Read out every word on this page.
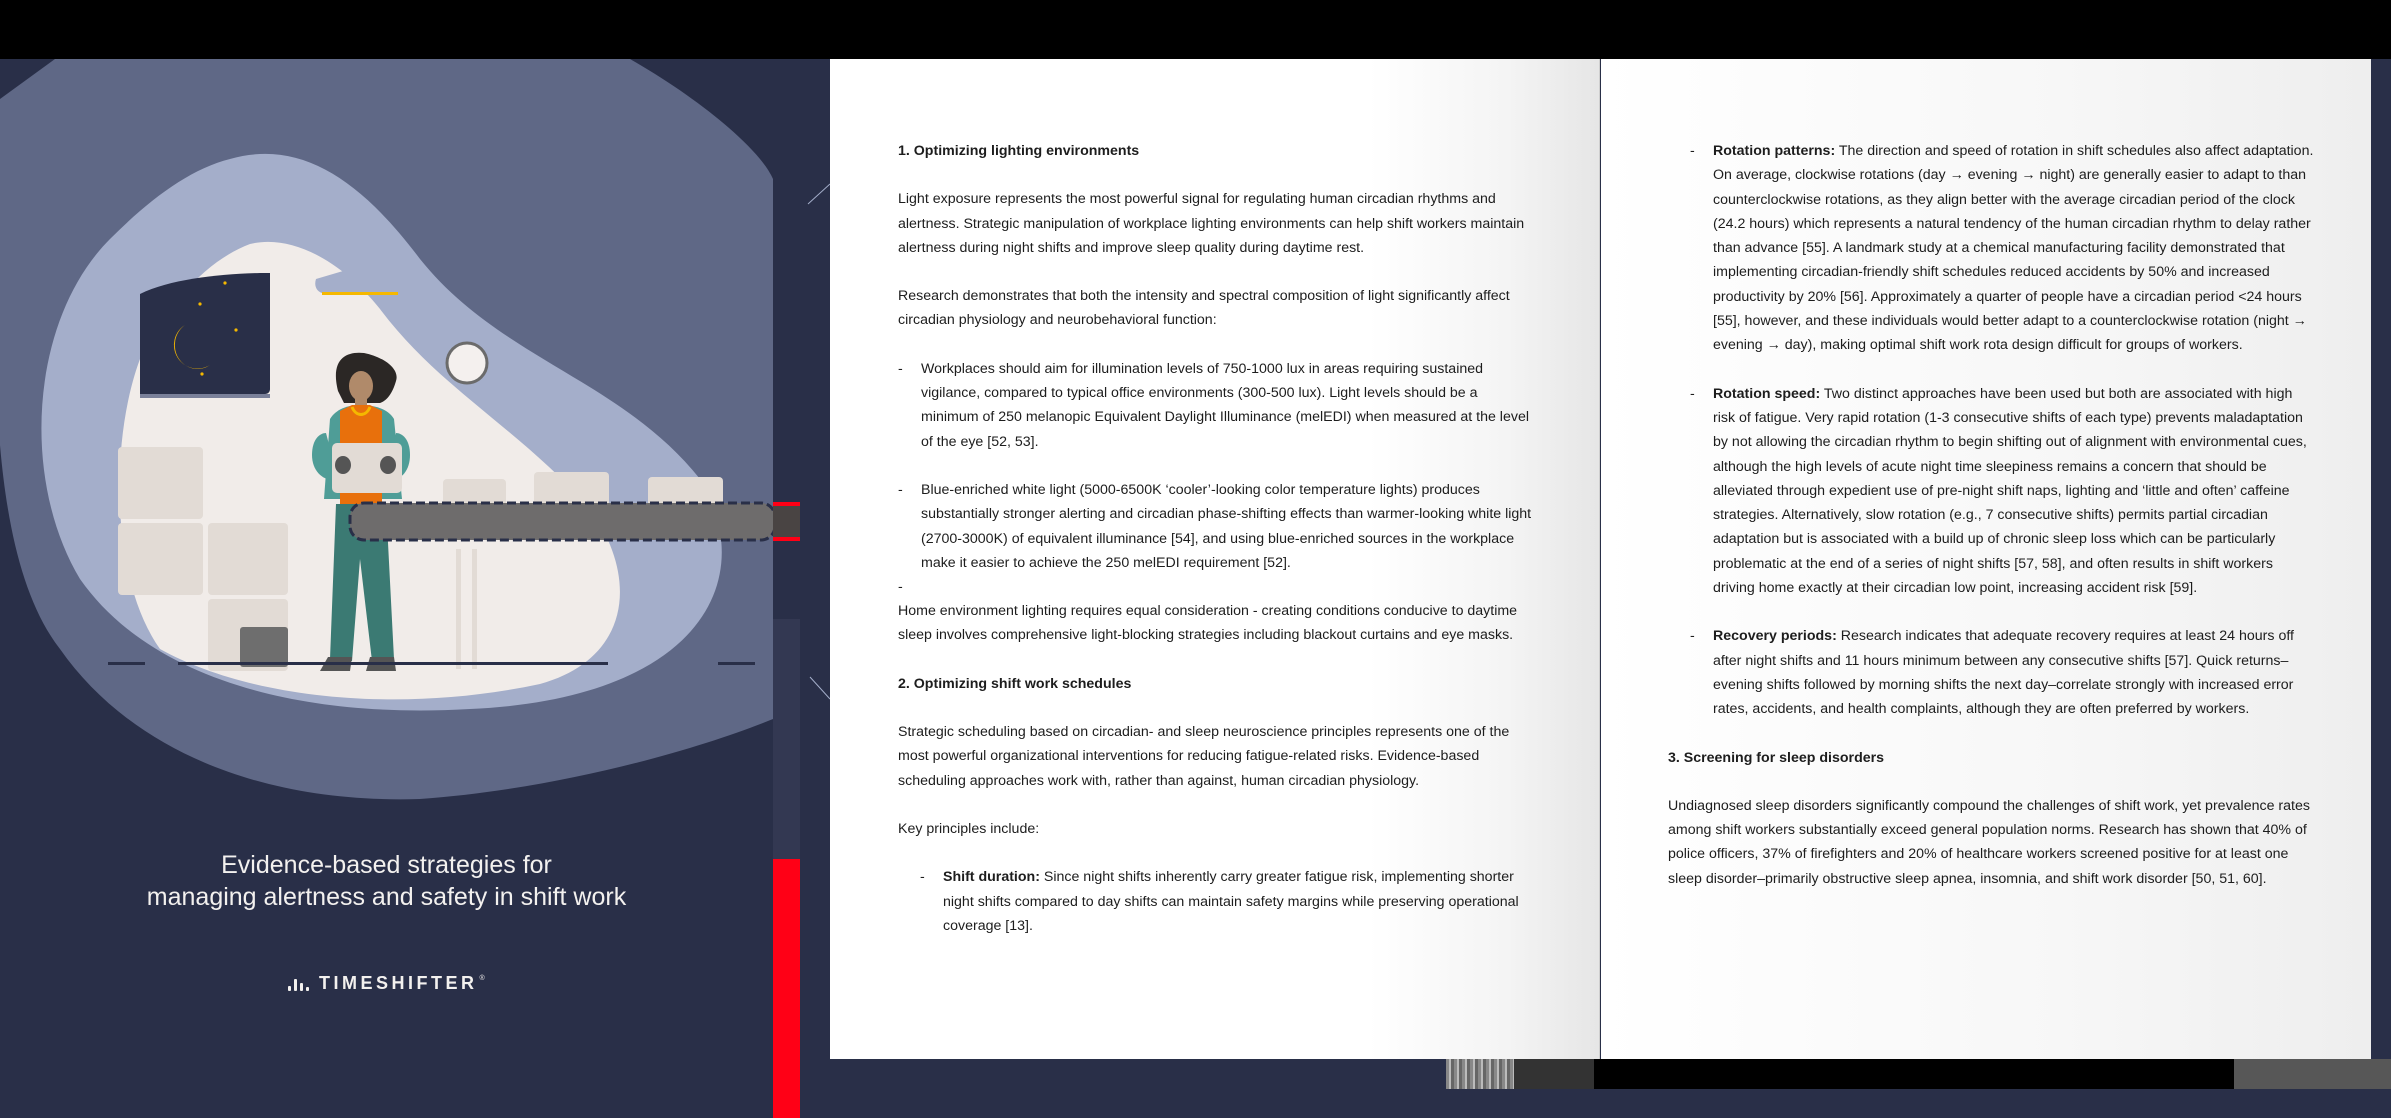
Evidence-based strategies for
managing alertness and safety in shift work
TIMESHIFTER ®
1. Optimizing lighting environments
Light exposure represents the most powerful signal for regulating human circadian rhythms and alertness. Strategic manipulation of workplace lighting environments can help shift workers maintain alertness during night shifts and improve sleep quality during daytime rest.
Research demonstrates that both the intensity and spectral composition of light significantly affect circadian physiology and neurobehavioral function:
-	Workplaces should aim for illumination levels of 750-1000 lux in areas requiring sustained vigilance, compared to typical office environments (300-500 lux). Light levels should be a minimum of 250 melanopic Equivalent Daylight Illuminance (melEDI) when measured at the level of the eye [52, 53].
-	Blue-enriched white light (5000-6500K ‘cooler’-looking color temperature lights) produces substantially stronger alerting and circadian phase-shifting effects than warmer-looking white light (2700-3000K) of equivalent illuminance [54], and using blue-enriched sources in the workplace make it easier to achieve the 250 melEDI requirement [52].
-
Home environment lighting requires equal consideration - creating conditions conducive to daytime sleep involves comprehensive light-blocking strategies including blackout curtains and eye masks.
2. Optimizing shift work schedules
Strategic scheduling based on circadian- and sleep neuroscience principles represents one of the most powerful organizational interventions for reducing fatigue-related risks. Evidence-based scheduling approaches work with, rather than against, human circadian physiology.
Key principles include:
-	Shift duration: Since night shifts inherently carry greater fatigue risk, implementing shorter night shifts compared to day shifts can maintain safety margins while preserving operational coverage [13].
-	Rotation patterns: The direction and speed of rotation in shift schedules also affect adaptation. On average, clockwise rotations (day → evening → night) are generally easier to adapt to than counterclockwise rotations, as they align better with the average circadian period of the clock (24.2 hours) which represents a natural tendency of the human circadian rhythm to delay rather than advance [55]. A landmark study at a chemical manufacturing facility demonstrated that implementing circadian-friendly shift schedules reduced accidents by 50% and increased productivity by 20% [56]. Approximately a quarter of people have a circadian period <24 hours [55], however, and these individuals would better adapt to a counterclockwise rotation (night → evening → day), making optimal shift work rota design difficult for groups of workers.
-	Rotation speed: Two distinct approaches have been used but both are associated with high risk of fatigue. Very rapid rotation (1-3 consecutive shifts of each type) prevents maladaptation by not allowing the circadian rhythm to begin shifting out of alignment with environmental cues, although the high levels of acute night time sleepiness remains a concern that should be alleviated through expedient use of pre-night shift naps, lighting and ‘little and often’ caffeine strategies. Alternatively, slow rotation (e.g., 7 consecutive shifts) permits partial circadian adaptation but is associated with a build up of chronic sleep loss which can be particularly problematic at the end of a series of night shifts [57, 58], and often results in shift workers driving home exactly at their circadian low point, increasing accident risk [59].
-	Recovery periods: Research indicates that adequate recovery requires at least 24 hours off after night shifts and 11 hours minimum between any consecutive shifts [57]. Quick returns–evening shifts followed by morning shifts the next day–correlate strongly with increased error rates, accidents, and health complaints, although they are often preferred by workers.
3. Screening for sleep disorders
Undiagnosed sleep disorders significantly compound the challenges of shift work, yet prevalence rates among shift workers substantially exceed general population norms. Research has shown that 40% of police officers, 37% of firefighters and 20% of healthcare workers screened positive for at least one sleep disorder–primarily obstructive sleep apnea, insomnia, and shift work disorder [50, 51, 60].
